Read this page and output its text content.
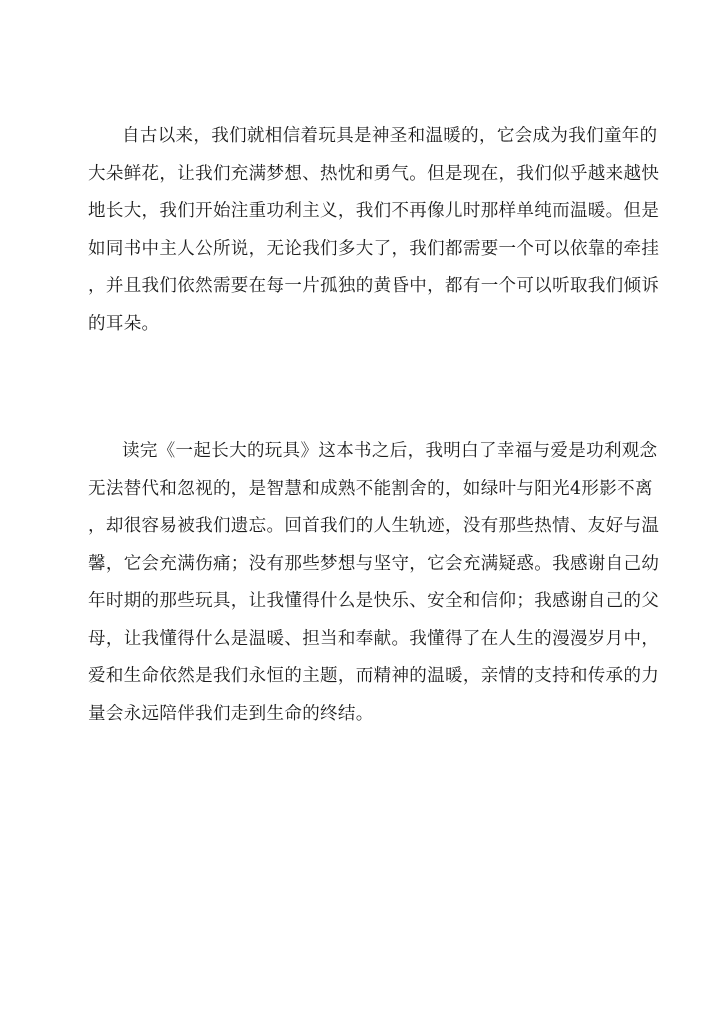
自古以来，我们就相信着玩具是神圣和温暖的，它会成为我们童年的
大朵鲜花，让我们充满梦想、热忱和勇气。但是现在，我们似乎越来越快
地长大，我们开始注重功利主义，我们不再像儿时那样单纯而温暖。但是
如同书中主人公所说，无论我们多大了，我们都需要一个可以依靠的牵挂
，并且我们依然需要在每一片孤独的黄昏中，都有一个可以听取我们倾诉
的耳朵。
读完《一起长大的玩具》这本书之后，我明白了幸福与爱是功利观念
无法替代和忽视的，是智慧和成熟不能割舍的，如绿叶与阳光4形影不离
，却很容易被我们遗忘。回首我们的人生轨迹，没有那些热情、友好与温
馨，它会充满伤痛；没有那些梦想与坚守，它会充满疑惑。我感谢自己幼
年时期的那些玩具，让我懂得什么是快乐、安全和信仰；我感谢自己的父
母，让我懂得什么是温暖、担当和奉献。我懂得了在人生的漫漫岁月中，
爱和生命依然是我们永恒的主题，而精神的温暖，亲情的支持和传承的力
量会永远陪伴我们走到生命的终结。
